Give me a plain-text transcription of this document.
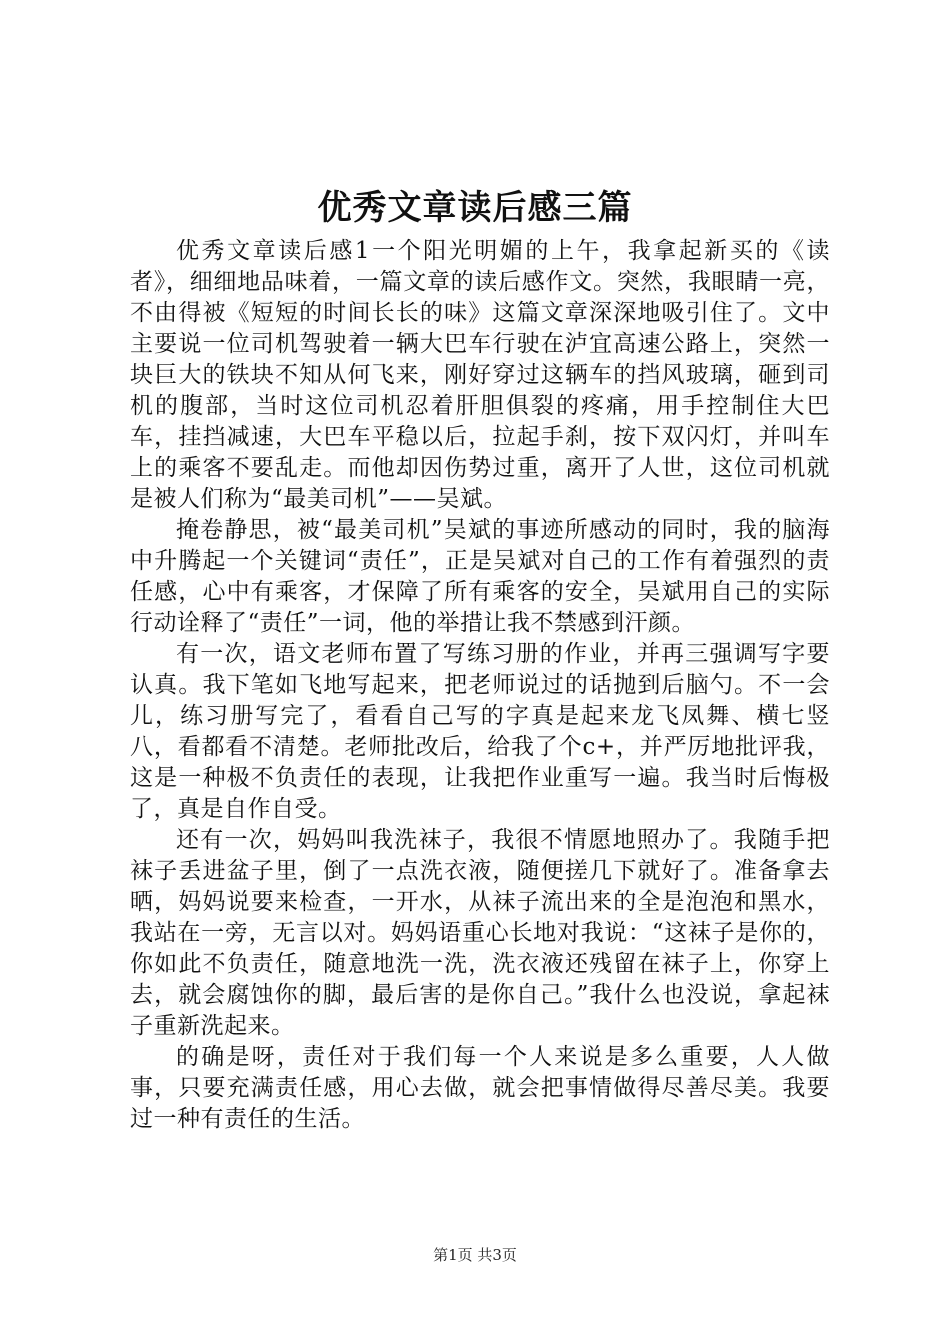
优秀文章读后感三篇

优秀文章读后感1一个阳光明媚的上午，我拿起新买的《读者》，细细地品味着，一篇文章的读后感作文。突然，我眼睛一亮，不由得被《短短的时间长长的味》这篇文章深深地吸引住了。文中主要说一位司机驾驶着一辆大巴车行驶在泸宜高速公路上，突然一块巨大的铁块不知从何飞来，刚好穿过这辆车的挡风玻璃，砸到司机的腹部，当时这位司机忍着肝胆俱裂的疼痛，用手控制住大巴车，挂挡减速，大巴车平稳以后，拉起手刹，按下双闪灯，并叫车上的乘客不要乱走。而他却因伤势过重，离开了人世，这位司机就是被人们称为“最美司机”——吴斌。

掩卷静思，被“最美司机”吴斌的事迹所感动的同时，我的脑海中升腾起一个关键词“责任”，正是吴斌对自己的工作有着强烈的责任感，心中有乘客，才保障了所有乘客的安全，吴斌用自己的实际行动诠释了“责任”一词，他的举措让我不禁感到汗颜。

有一次，语文老师布置了写练习册的作业，并再三强调写字要认真。我下笔如飞地写起来，把老师说过的话抛到后脑勺。不一会儿，练习册写完了，看看自己写的字真是起来龙飞凤舞、横七竖八，看都看不清楚。老师批改后，给我了个c+，并严厉地批评我，这是一种极不负责任的表现，让我把作业重写一遍。我当时后悔极了，真是自作自受。

还有一次，妈妈叫我洗袜子，我很不情愿地照办了。我随手把袜子丢进盆子里，倒了一点洗衣液，随便搓几下就好了。准备拿去晒，妈妈说要来检查，一开水，从袜子流出来的全是泡泡和黑水，我站在一旁，无言以对。妈妈语重心长地对我说：“这袜子是你的，你如此不负责任，随意地洗一洗，洗衣液还残留在袜子上，你穿上去，就会腐蚀你的脚，最后害的是你自己。”我什么也没说，拿起袜子重新洗起来。

的确是呀，责任对于我们每一个人来说是多么重要，人人做事，只要充满责任感，用心去做，就会把事情做得尽善尽美。我要过一种有责任的生活。

第1页 共3页
